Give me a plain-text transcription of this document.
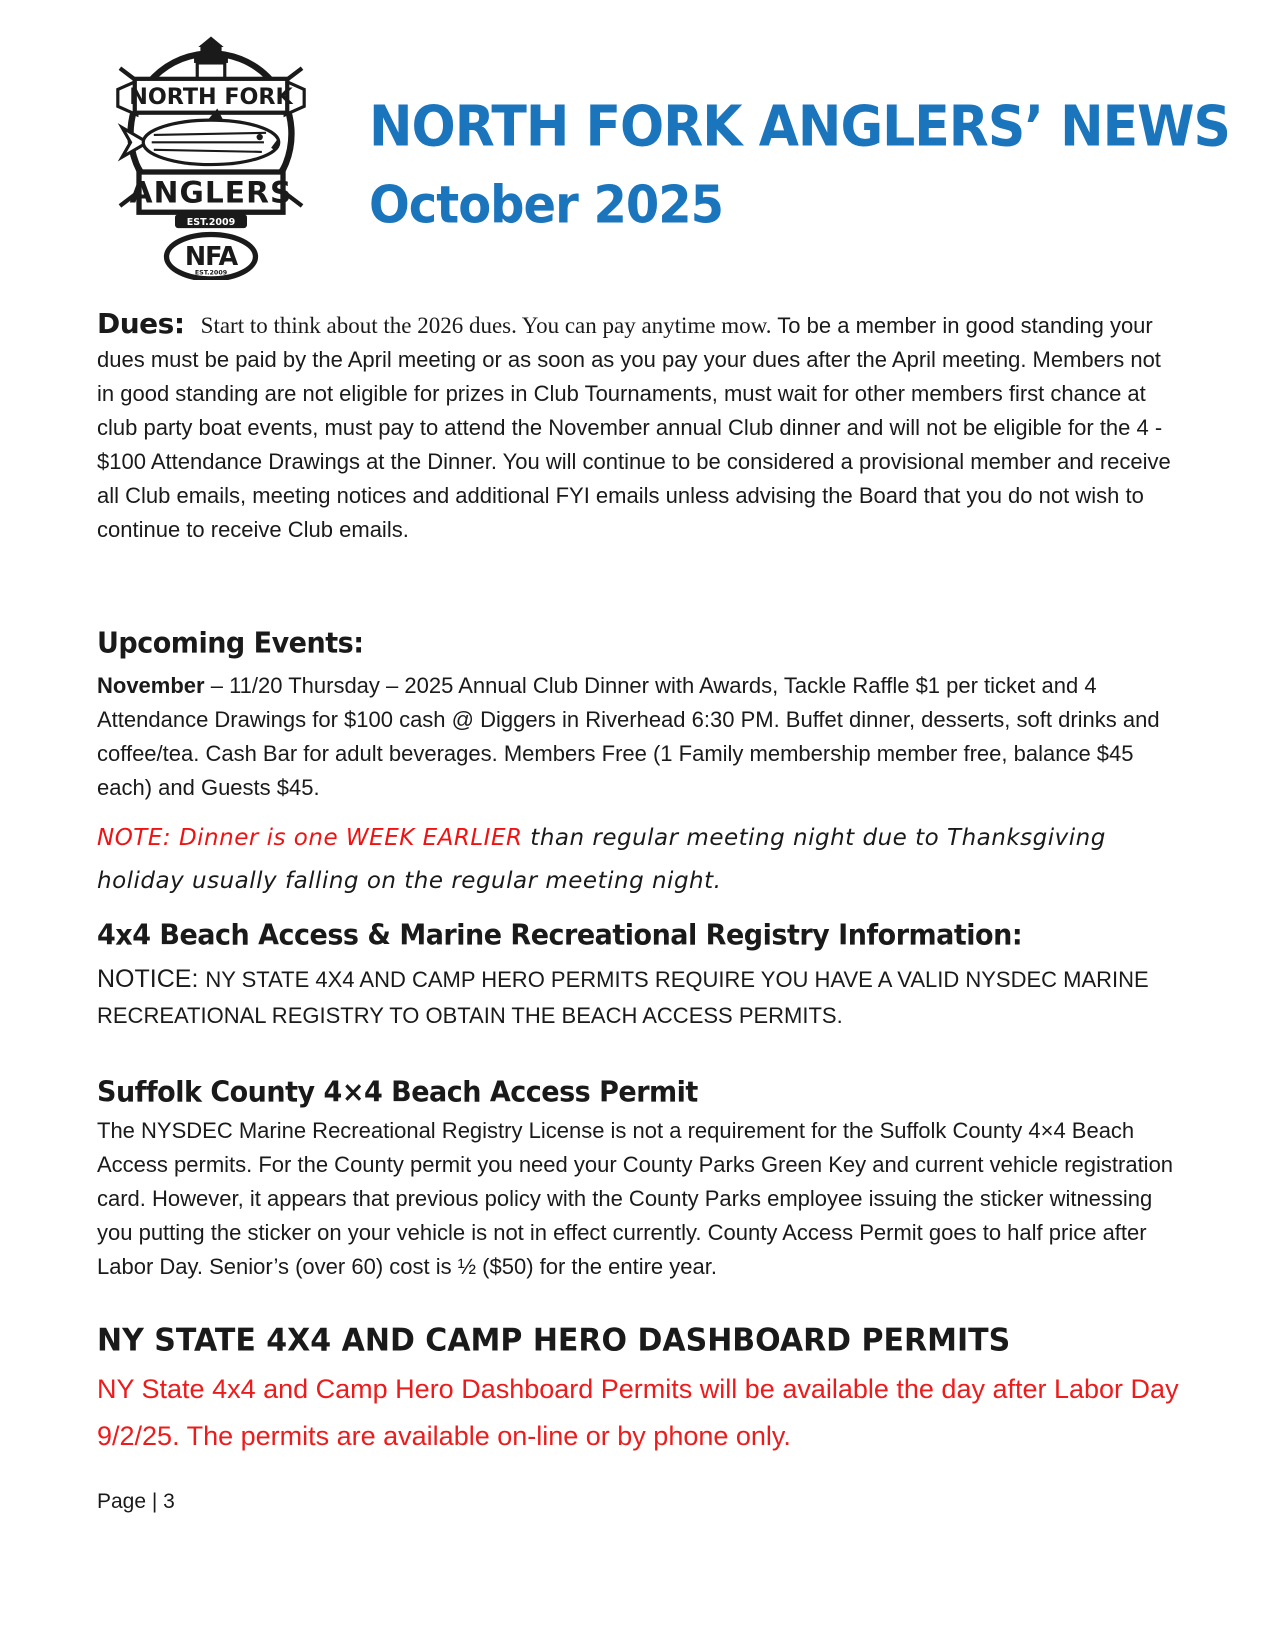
NORTH FORK
ANGLERS
EST.2009
NFA
EST.2009
NORTH FORK ANGLERS’ NEWS
October 2025
Dues: Start to think about the 2026 dues. You can pay anytime mow. To be a member in good standing your dues must be paid by the April meeting or as soon as you pay your dues after the April meeting. Members not in good standing are not eligible for prizes in Club Tournaments, must wait for other members first chance at club party boat events, must pay to attend the November annual Club dinner and will not be eligible for the 4 - $100 Attendance Drawings at the Dinner. You will continue to be considered a provisional member and receive all Club emails, meeting notices and additional FYI emails unless advising the Board that you do not wish to continue to receive Club emails.
Upcoming Events:
November – 11/20 Thursday – 2025 Annual Club Dinner with Awards, Tackle Raffle $1 per ticket and 4 Attendance Drawings for $100 cash @ Diggers in Riverhead 6:30 PM. Buffet dinner, desserts, soft drinks and coffee/tea. Cash Bar for adult beverages. Members Free (1 Family membership member free, balance $45 each) and Guests $45.
NOTE: Dinner is one WEEK EARLIER than regular meeting night due to Thanksgiving holiday usually falling on the regular meeting night.
4x4 Beach Access & Marine Recreational Registry Information:
NOTICE: NY STATE 4X4 AND CAMP HERO PERMITS REQUIRE YOU HAVE A VALID NYSDEC MARINE RECREATIONAL REGISTRY TO OBTAIN THE BEACH ACCESS PERMITS.
Suffolk County 4×4 Beach Access Permit
The NYSDEC Marine Recreational Registry License is not a requirement for the Suffolk County 4×4 Beach Access permits. For the County permit you need your County Parks Green Key and current vehicle registration card. However, it appears that previous policy with the County Parks employee issuing the sticker witnessing you putting the sticker on your vehicle is not in effect currently. County Access Permit goes to half price after Labor Day. Senior’s (over 60) cost is ½ ($50) for the entire year.
NY STATE 4X4 AND CAMP HERO DASHBOARD PERMITS
NY State 4x4 and Camp Hero Dashboard Permits will be available the day after Labor Day 9/2/25. The permits are available on-line or by phone only.
Page | 3
